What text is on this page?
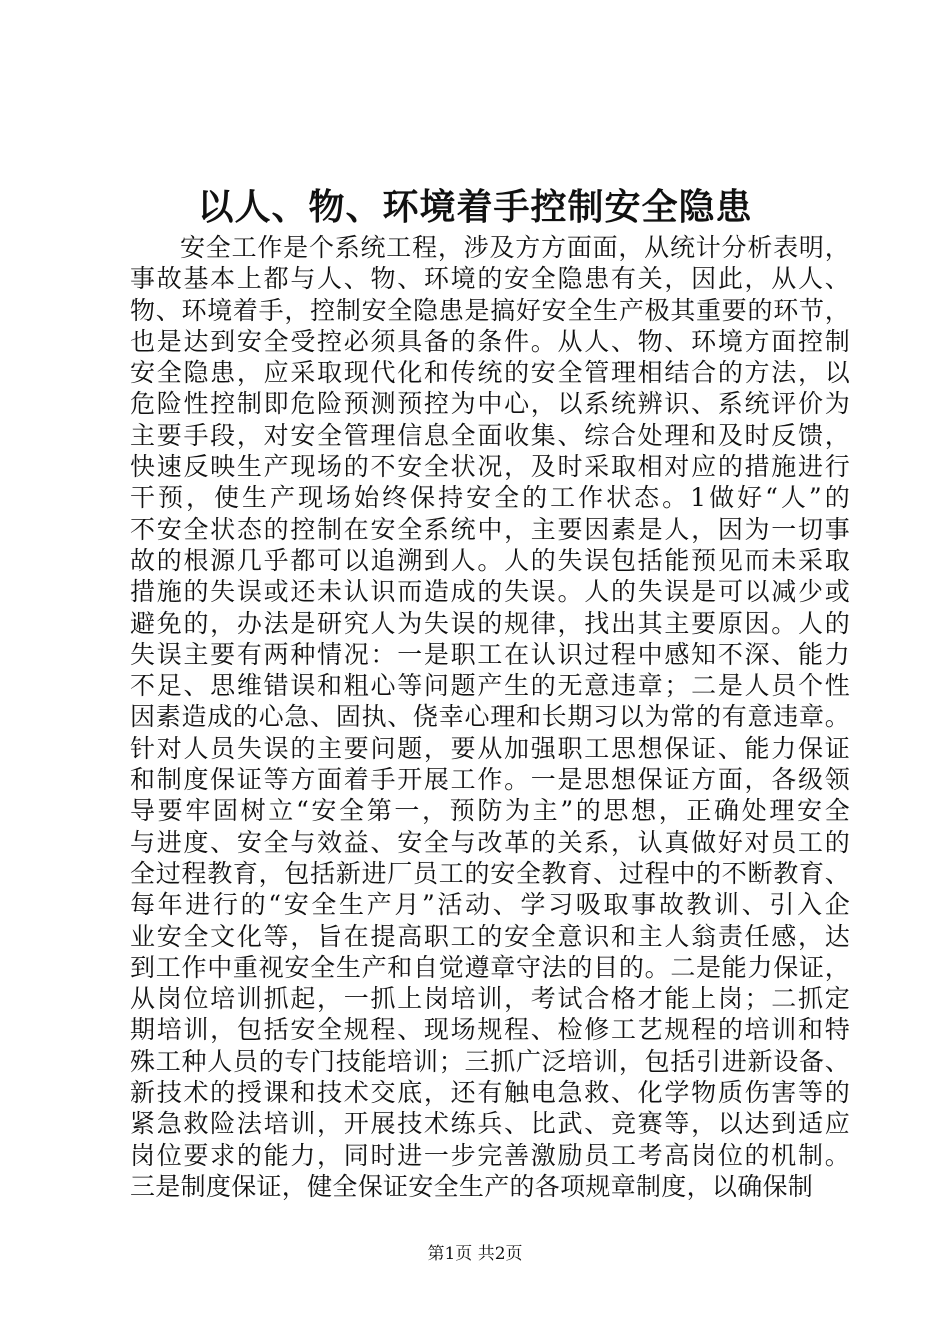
以人、物、环境着手控制安全隐患
安全工作是个系统工程，涉及方方面面，从统计分析表明，
事故基本上都与人、物、环境的安全隐患有关，因此，从人、
物、环境着手，控制安全隐患是搞好安全生产极其重要的环节，
也是达到安全受控必须具备的条件。从人、物、环境方面控制
安全隐患，应采取现代化和传统的安全管理相结合的方法，以
危险性控制即危险预测预控为中心，以系统辨识、系统评价为
主要手段，对安全管理信息全面收集、综合处理和及时反馈，
快速反映生产现场的不安全状况，及时采取相对应的措施进行
干预，使生产现场始终保持安全的工作状态。1做好“人”的
不安全状态的控制在安全系统中，主要因素是人，因为一切事
故的根源几乎都可以追溯到人。人的失误包括能预见而未采取
措施的失误或还未认识而造成的失误。人的失误是可以减少或
避免的，办法是研究人为失误的规律，找出其主要原因。人的
失误主要有两种情况：一是职工在认识过程中感知不深、能力
不足、思维错误和粗心等问题产生的无意违章；二是人员个性
因素造成的心急、固执、侥幸心理和长期习以为常的有意违章。
针对人员失误的主要问题，要从加强职工思想保证、能力保证
和制度保证等方面着手开展工作。一是思想保证方面，各级领
导要牢固树立“安全第一，预防为主”的思想，正确处理安全
与进度、安全与效益、安全与改革的关系，认真做好对员工的
全过程教育，包括新进厂员工的安全教育、过程中的不断教育、
每年进行的“安全生产月”活动、学习吸取事故教训、引入企
业安全文化等，旨在提高职工的安全意识和主人翁责任感，达
到工作中重视安全生产和自觉遵章守法的目的。二是能力保证，
从岗位培训抓起，一抓上岗培训，考试合格才能上岗；二抓定
期培训，包括安全规程、现场规程、检修工艺规程的培训和特
殊工种人员的专门技能培训；三抓广泛培训，包括引进新设备、
新技术的授课和技术交底，还有触电急救、化学物质伤害等的
紧急救险法培训，开展技术练兵、比武、竞赛等，以达到适应
岗位要求的能力，同时进一步完善激励员工考高岗位的机制。
三是制度保证，健全保证安全生产的各项规章制度，以确保制
第1页 共2页
